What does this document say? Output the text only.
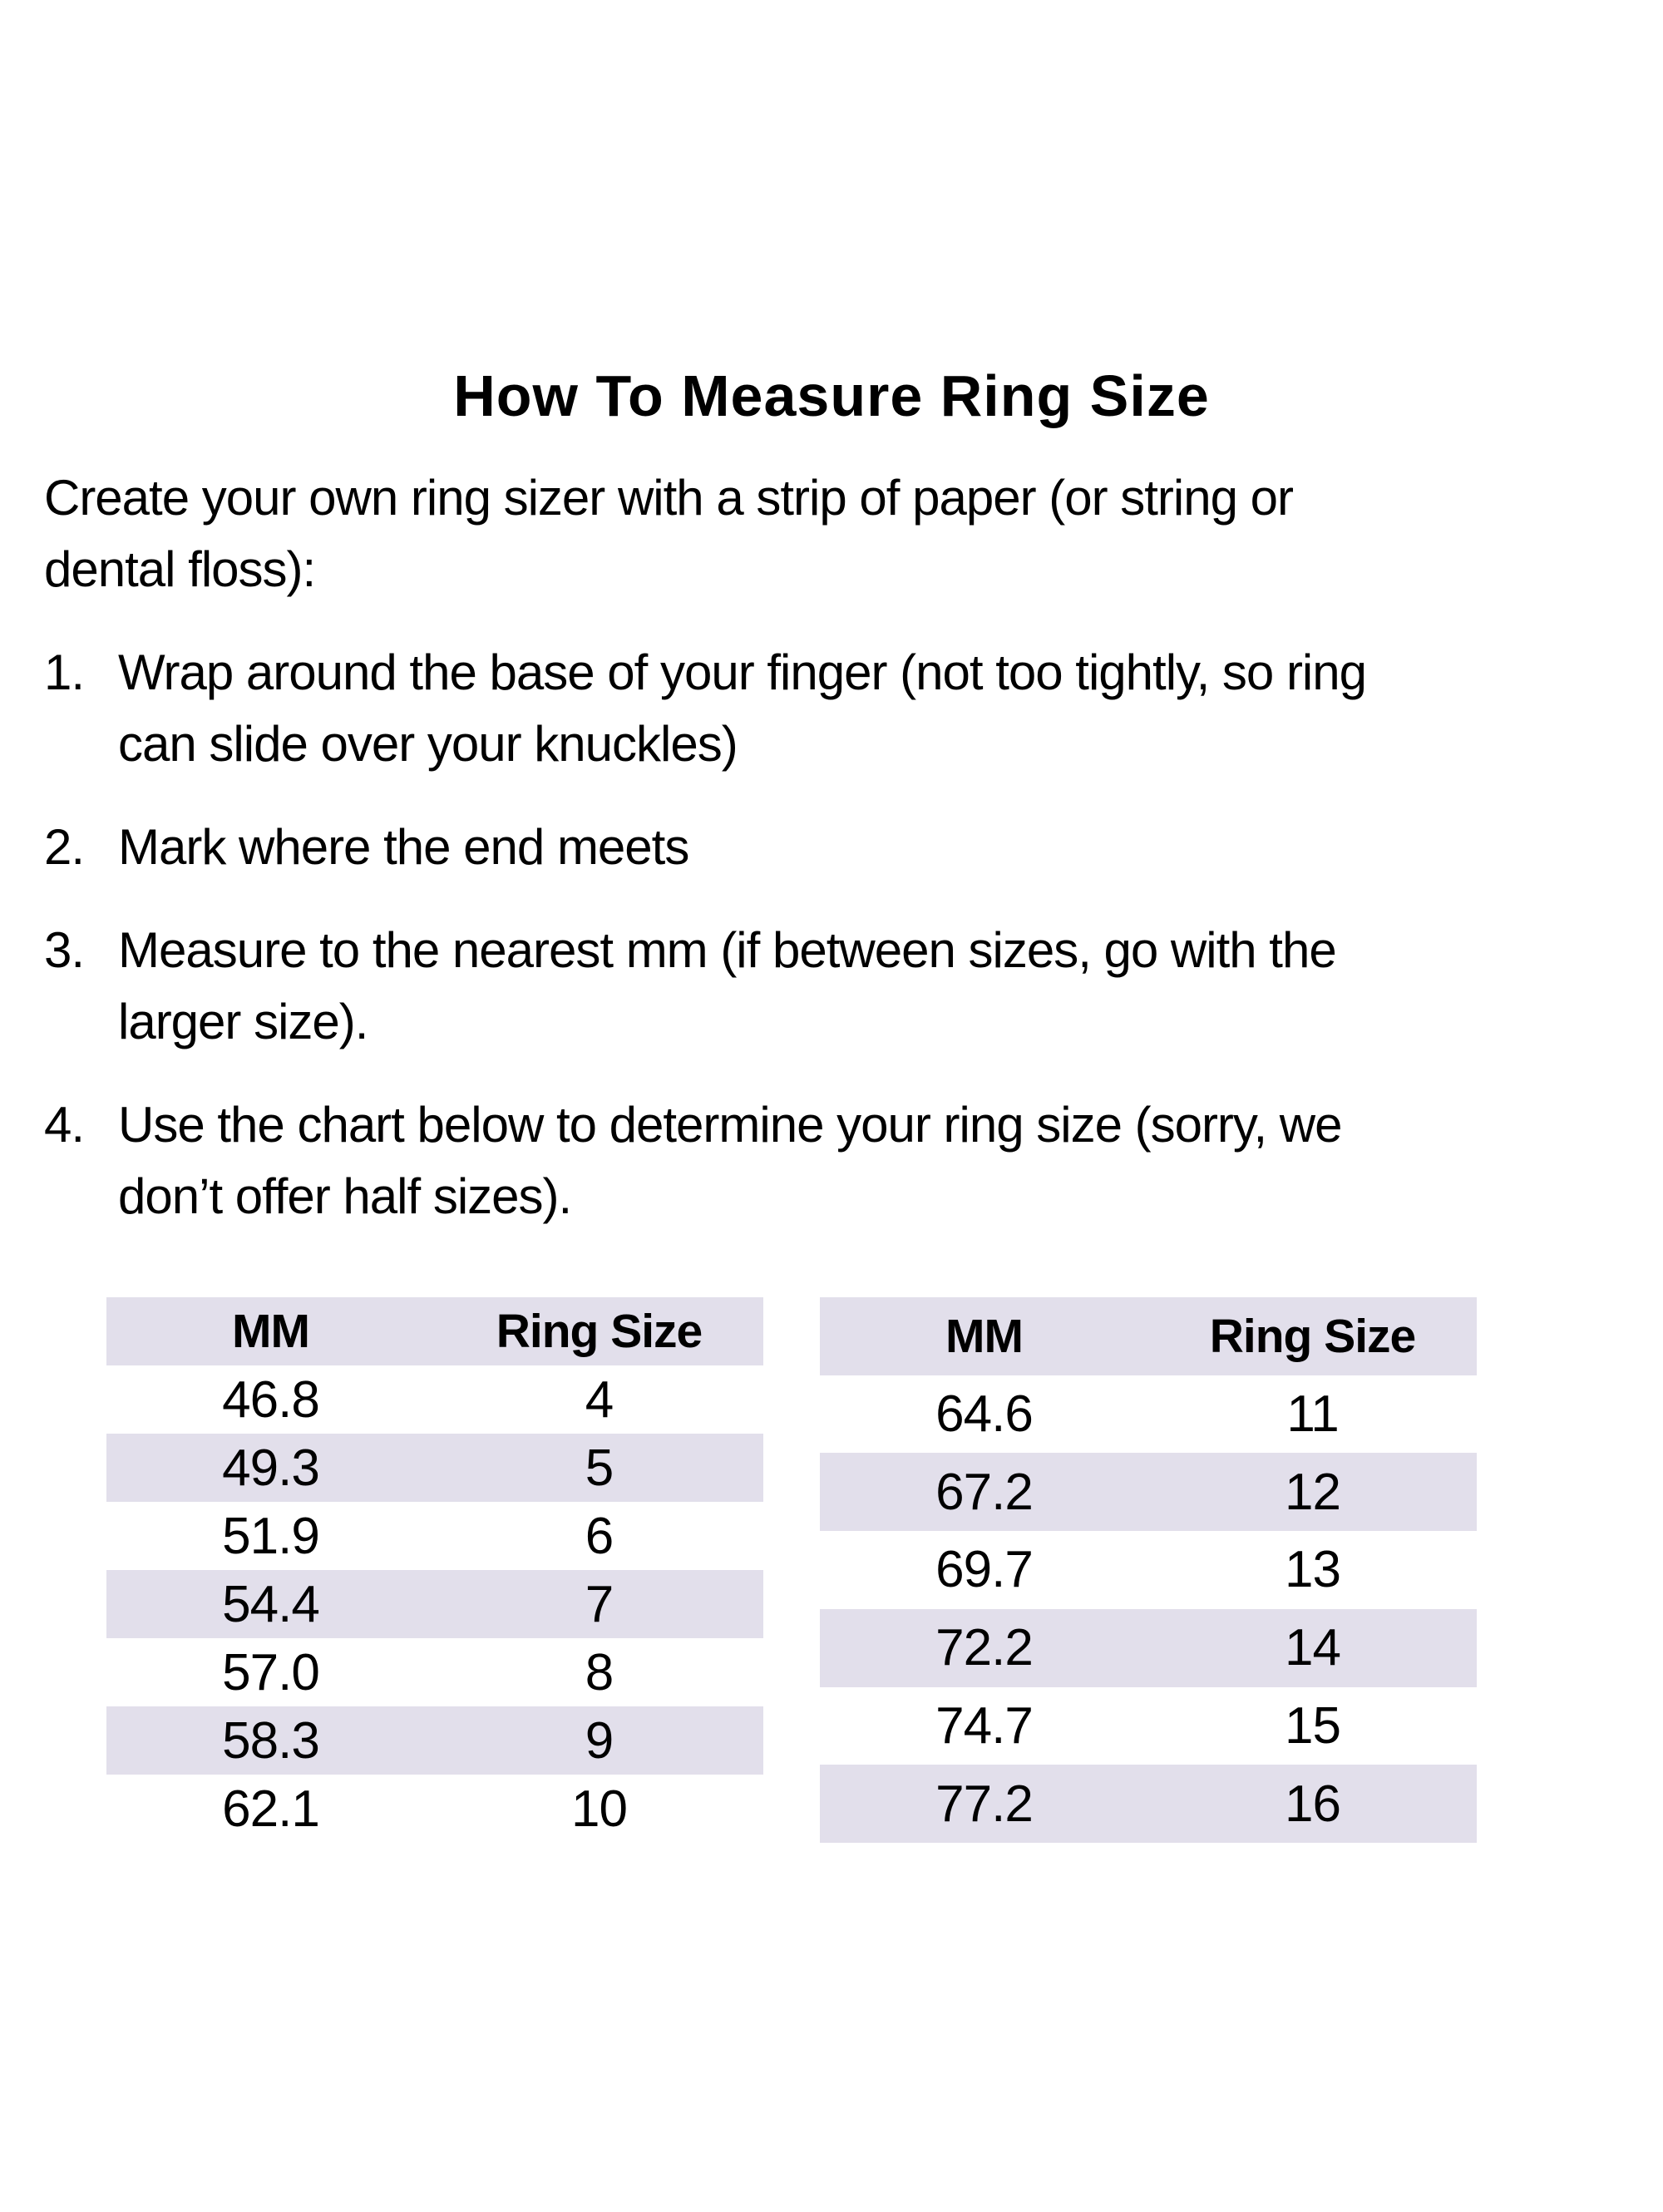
How To Measure Ring Size
Create your own ring sizer with a strip of paper (or string or
dental floss):
1. Wrap around the base of your finger (not too tightly, so ring
can slide over your knuckles)
2. Mark where the end meets
3. Measure to the nearest mm (if between sizes, go with the
larger size).
4. Use the chart below to determine your ring size (sorry, we
don’t offer half sizes).
MM	Ring Size
46.8	4
49.3	5
51.9	6
54.4	7
57.0	8
58.3	9
62.1	10
MM	Ring Size
64.6	11
67.2	12
69.7	13
72.2	14
74.7	15
77.2	16
